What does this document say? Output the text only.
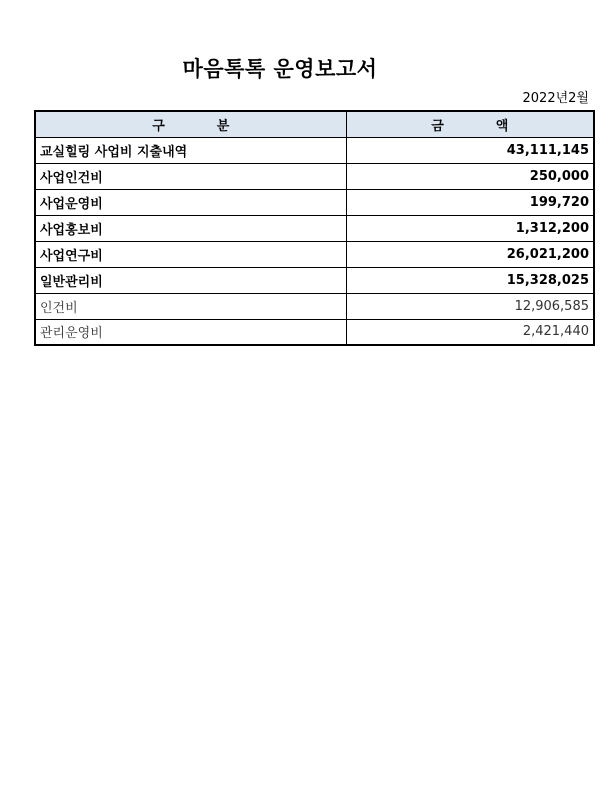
마음톡톡 운영보고서
2022년2월
구 분	금 액
교실힐링 사업비 지출내역	43,111,145
사업인건비	250,000
사업운영비	199,720
사업홍보비	1,312,200
사업연구비	26,021,200
일반관리비	15,328,025
인건비	12,906,585
관리운영비	2,421,440
